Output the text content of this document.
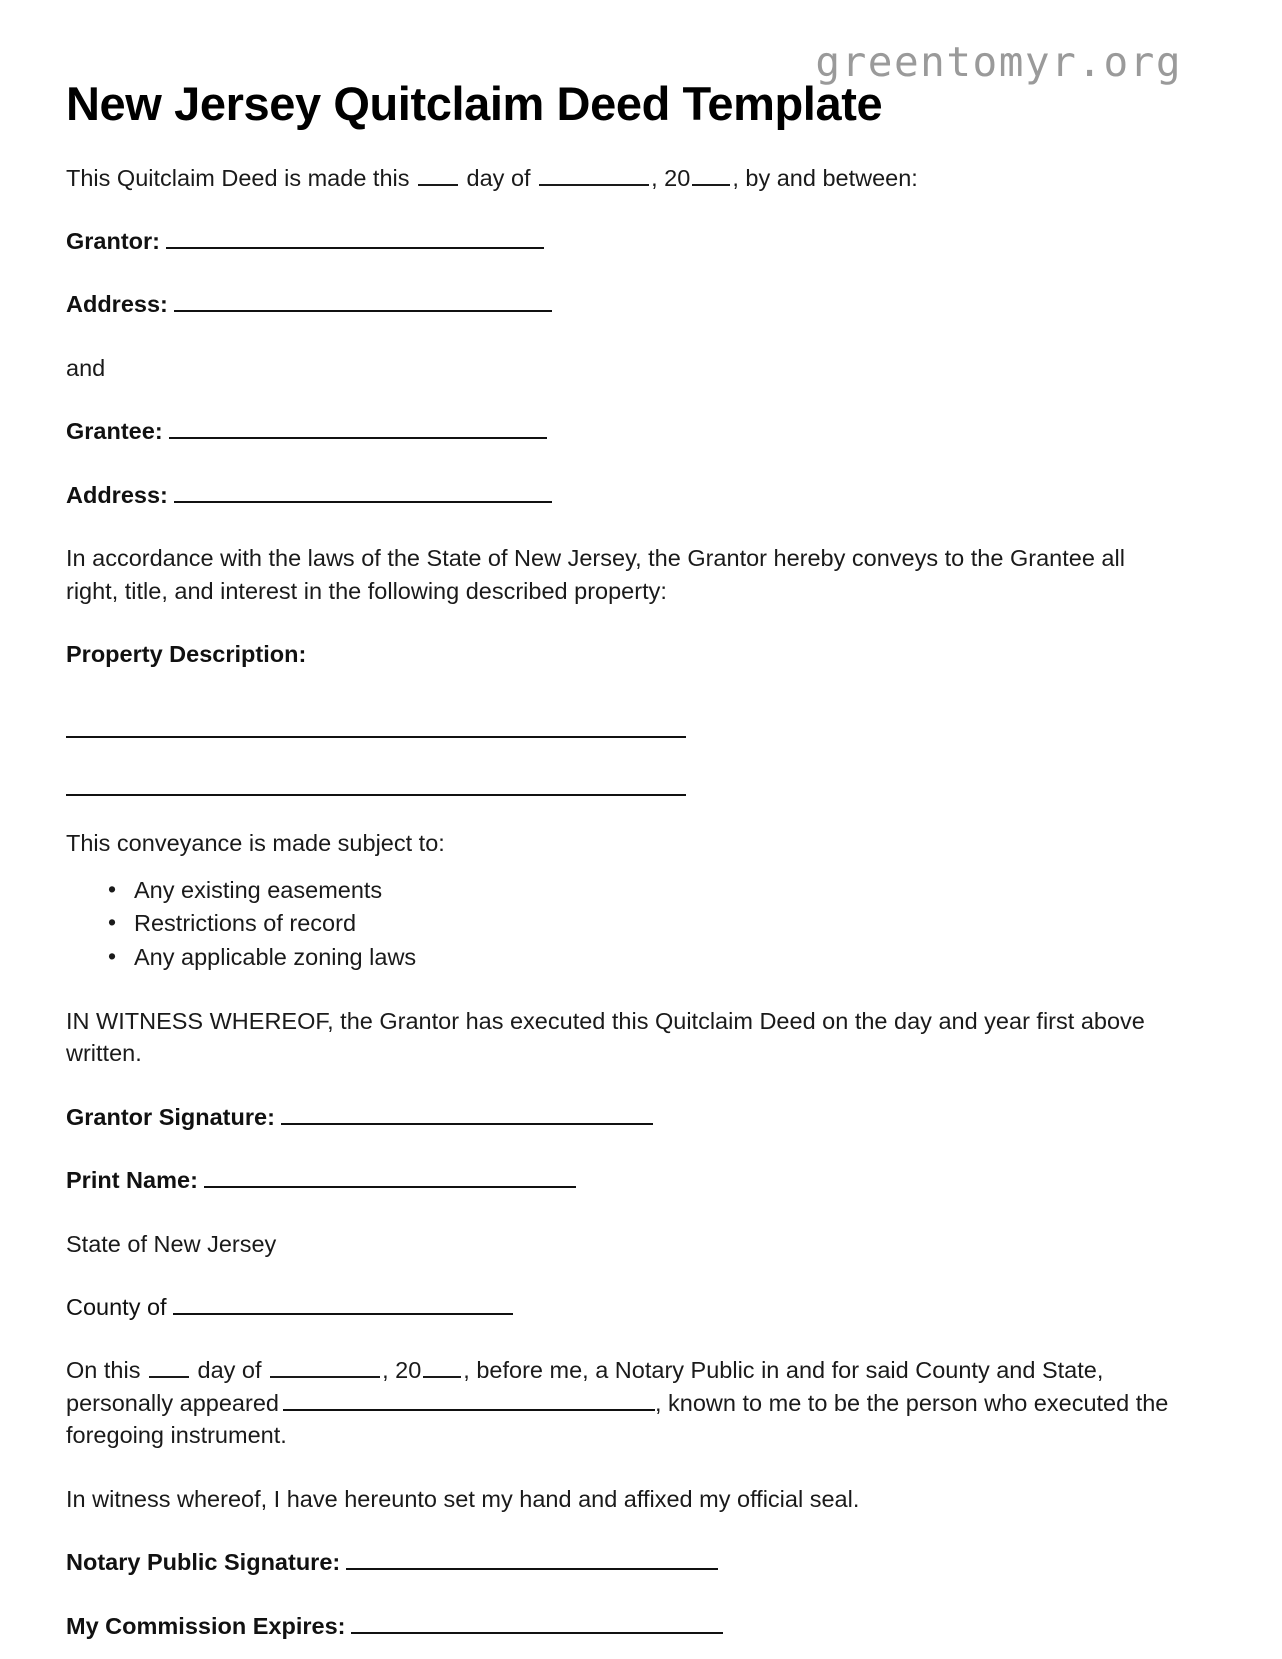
greentomyr.org
New Jersey Quitclaim Deed Template

This Quitclaim Deed is made this day of	, 20 , by and between:

Grantor:

Address:

and

Grantee:

Address:

In accordance with the laws of the State of New Jersey, the Grantor hereby conveys to the Grantee all right, title, and interest in the following described property:

Property Description:

This conveyance is made subject to:

• Any existing easements
• Restrictions of record
• Any applicable zoning laws

IN WITNESS WHEREOF, the Grantor has executed this Quitclaim Deed on the day and year first above written.

Grantor Signature:

Print Name:

State of New Jersey

County of

On this day of	, 20 , before me, a Notary Public in and for said County and State, personally appeared	, known to me to be the person who executed the foregoing instrument.

In witness whereof, I have hereunto set my hand and affixed my official seal.

Notary Public Signature:

My Commission Expires:
